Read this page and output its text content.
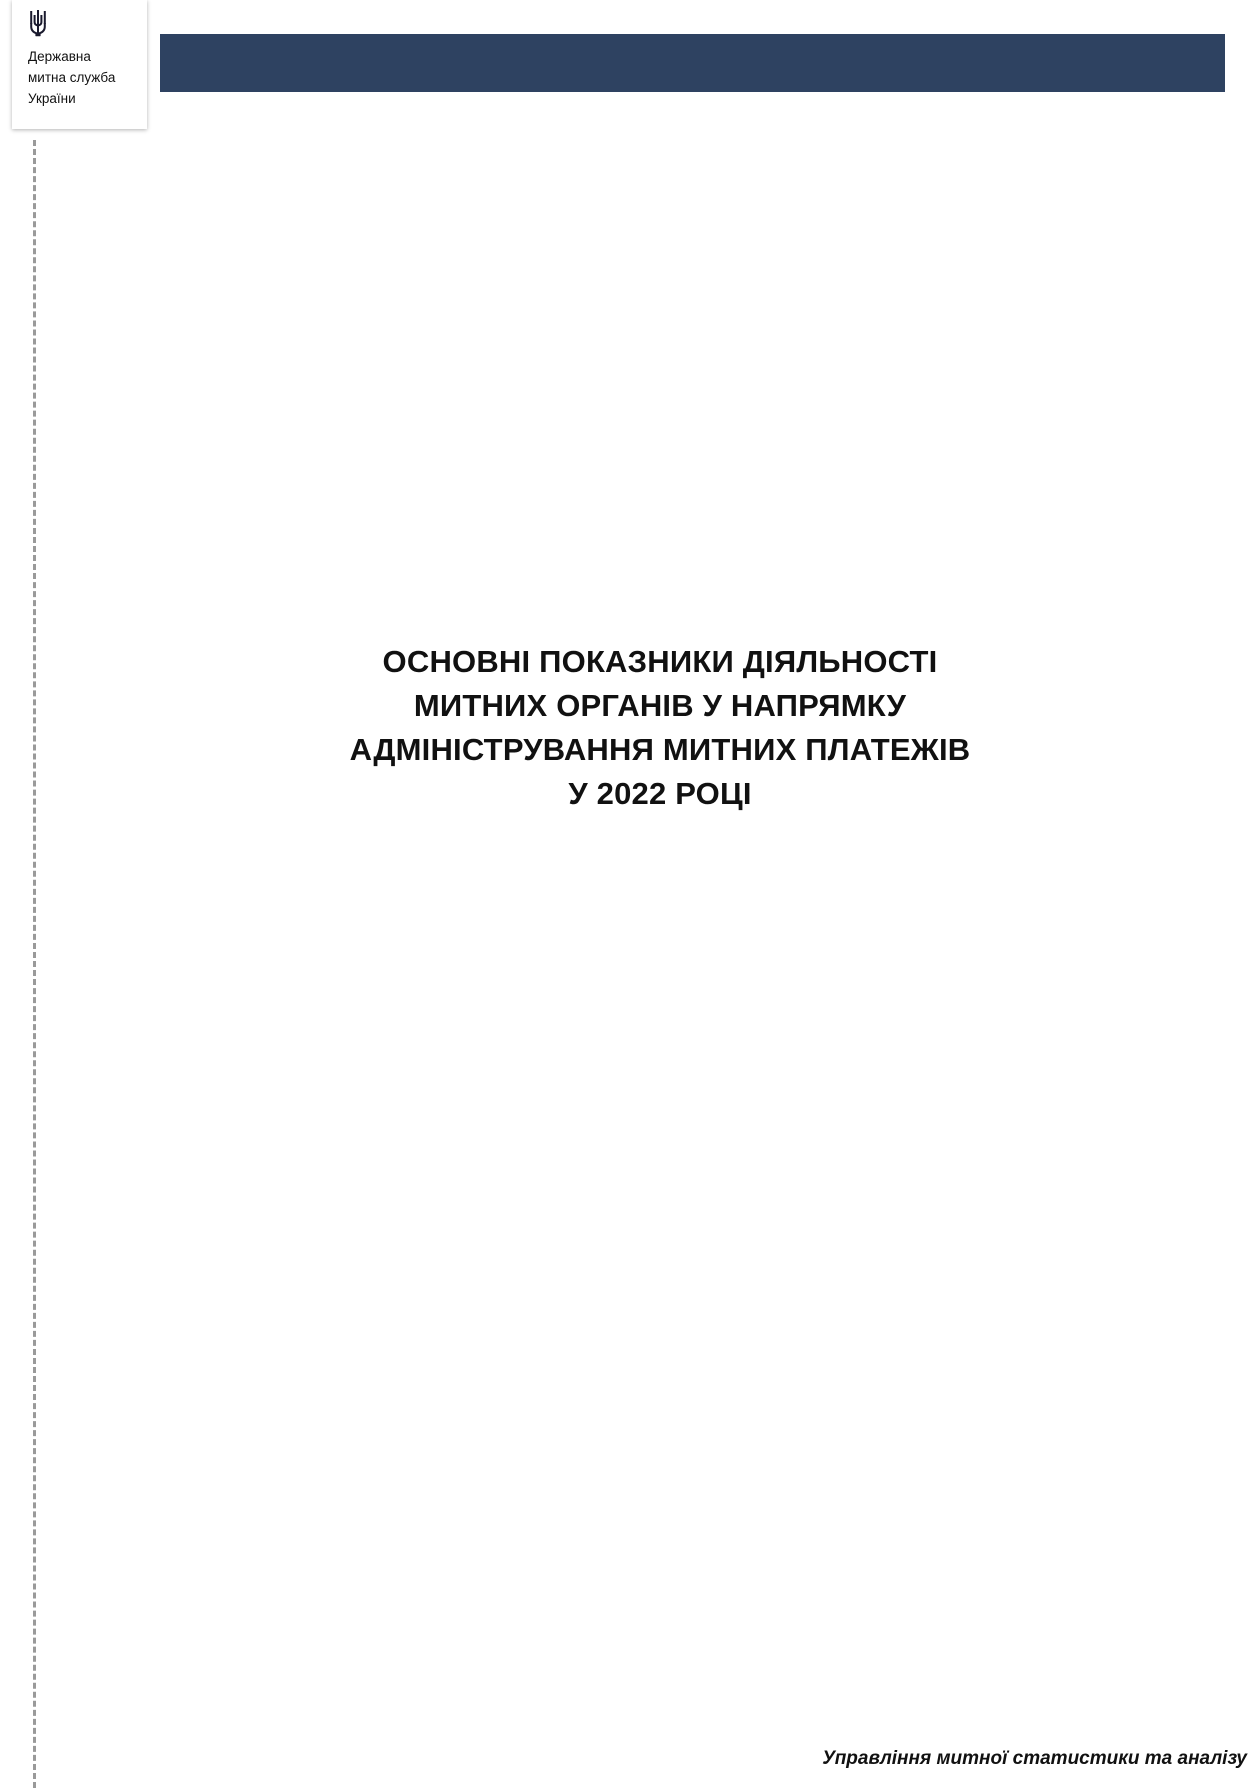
Державна
митна служба
України
ОСНОВНІ ПОКАЗНИКИ ДІЯЛЬНОСТІ
МИТНИХ ОРГАНІВ У НАПРЯМКУ
АДМІНІСТРУВАННЯ МИТНИХ ПЛАТЕЖІВ
У 2022 РОЦІ
Управління митної статистики та аналізу
